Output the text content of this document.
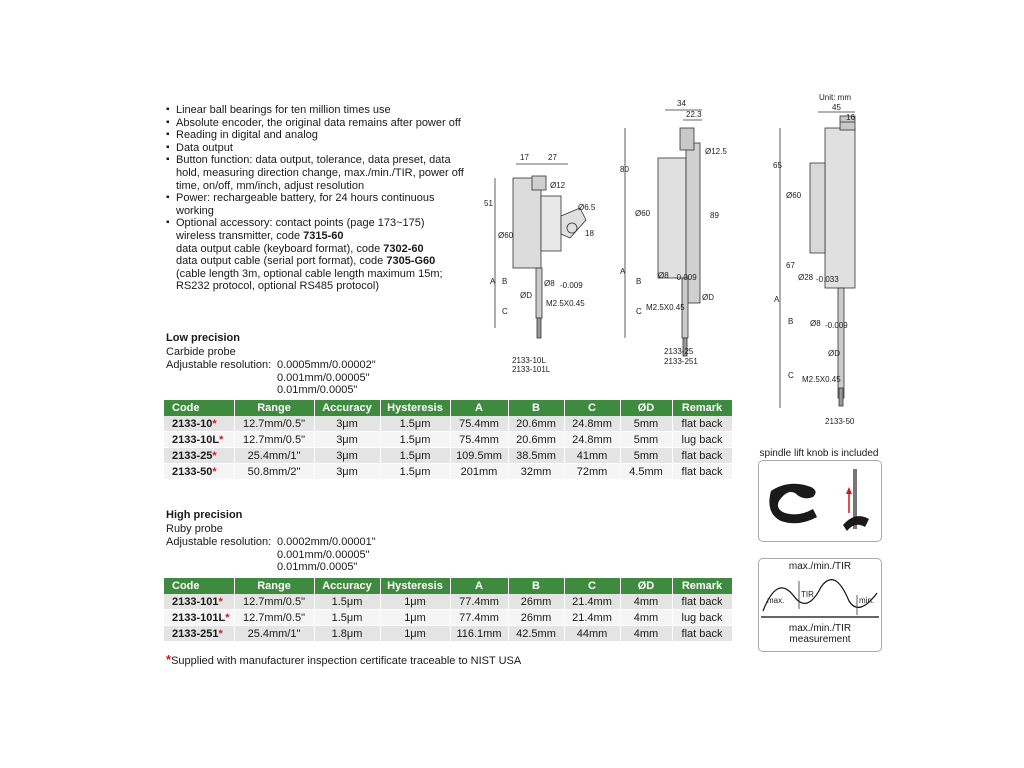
▪ Linear ball bearings for ten million times use
▪ Absolute encoder, the original data remains after power off
▪ Reading in digital and analog
▪ Data output
▪ Button function: data output, tolerance, data preset, data hold, measuring direction change, max./min./TIR, power off time, on/off, mm/inch, adjust resolution
▪ Power: rechargeable battery, for 24 hours continuous working
▪ Optional accessory: contact points (page 173~175)
wireless transmitter, code 7315-60
data output cable (keyboard format), code 7302-60
data output cable (serial port format), code 7305-G60
(cable length 3m, optional cable length maximum 15m;
RS232 protocol, optional RS485 protocol)
Low precision
Carbide probe
Adjustable resolution: 0.0005mm/0.00002"
0.001mm/0.00005"
0.01mm/0.0005"
Code	Range	Accuracy	Hysteresis	A	B	C	ØD	Remark
2133-10*	12.7mm/0.5"	3μm	1.5μm	75.4mm	20.6mm	24.8mm	5mm	flat back
2133-10L*	12.7mm/0.5"	3μm	1.5μm	75.4mm	20.6mm	24.8mm	5mm	lug back
2133-25*	25.4mm/1"	3μm	1.5μm	109.5mm	38.5mm	41mm	5mm	flat back
2133-50*	50.8mm/2"	3μm	1.5μm	201mm	32mm	72mm	4.5mm	flat back
High precision
Ruby probe
Adjustable resolution: 0.0002mm/0.00001"
0.001mm/0.00005"
0.01mm/0.0005"
Code	Range	Accuracy	Hysteresis	A	B	C	ØD	Remark
2133-101*	12.7mm/0.5"	1.5μm	1μm	77.4mm	26mm	21.4mm	4mm	flat back
2133-101L*	12.7mm/0.5"	1.5μm	1μm	77.4mm	26mm	21.4mm	4mm	lug back
2133-251*	25.4mm/1"	1.8μm	1μm	116.1mm	42.5mm	44mm	4mm	flat back
*Supplied with manufacturer inspection certificate traceable to NIST USA
Unit: mm
17 27
Ø12
Ø6.5
18
51
Ø60
A B
C
Ø8 -0.009
ØD
M2.5X0.45
2133-10L
2133-101L
34
22.3
Ø12.5
80
Ø60	89
A
B
C
Ø8 -0.009
ØD
M2.5X0.45
2133-25
2133-251
45
16
65
Ø60
67
Ø28 -0.033
A
B
C
Ø8 -0.009
ØD
M2.5X0.45
2133-50
spindle lift knob is included
max./min./TIR
max.
TIR
min.
max./min./TIR
measurement
